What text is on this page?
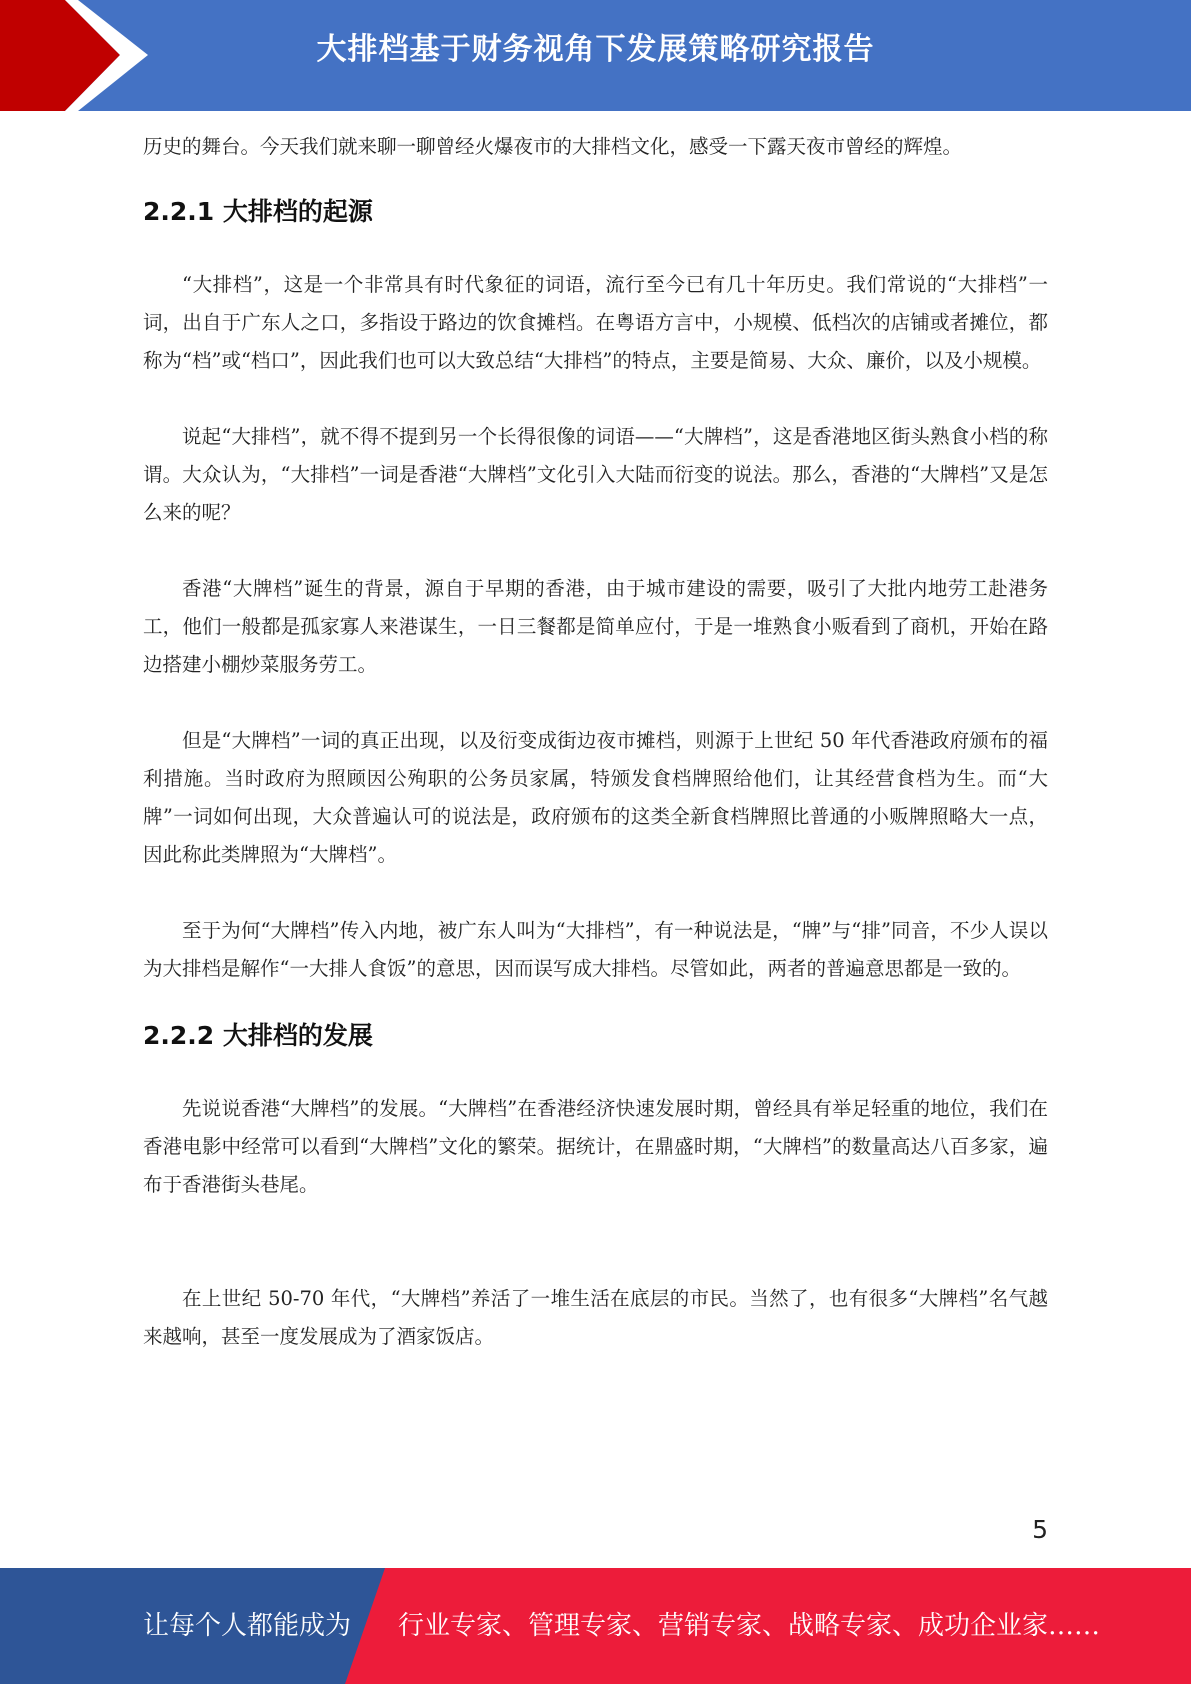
大排档基于财务视角下发展策略研究报告

历史的舞台。今天我们就来聊一聊曾经火爆夜市的大排档文化，感受一下露天夜市曾经的辉煌。

2.2.1 大排档的起源

“大排档”，这是一个非常具有时代象征的词语，流行至今已有几十年历史。我们常说的“大排档”一词，出自于广东人之口，多指设于路边的饮食摊档。在粤语方言中，小规模、低档次的店铺或者摊位，都称为“档”或“档口”，因此我们也可以大致总结“大排档”的特点，主要是简易、大众、廉价，以及小规模。

说起“大排档”，就不得不提到另一个长得很像的词语——“大牌档”，这是香港地区街头熟食小档的称谓。大众认为，“大排档”一词是香港“大牌档”文化引入大陆而衍变的说法。那么，香港的“大牌档”又是怎么来的呢？

香港“大牌档”诞生的背景，源自于早期的香港，由于城市建设的需要，吸引了大批内地劳工赴港务工，他们一般都是孤家寡人来港谋生，一日三餐都是简单应付，于是一堆熟食小贩看到了商机，开始在路边搭建小棚炒菜服务劳工。

但是“大牌档”一词的真正出现，以及衍变成街边夜市摊档，则源于上世纪 50 年代香港政府颁布的福利措施。当时政府为照顾因公殉职的公务员家属，特颁发食档牌照给他们，让其经营食档为生。而“大牌”一词如何出现，大众普遍认可的说法是，政府颁布的这类全新食档牌照比普通的小贩牌照略大一点，因此称此类牌照为“大牌档”。

至于为何“大牌档”传入内地，被广东人叫为“大排档”，有一种说法是，“牌”与“排”同音，不少人误以为大排档是解作“一大排人食饭”的意思，因而误写成大排档。尽管如此，两者的普遍意思都是一致的。

2.2.2 大排档的发展

先说说香港“大牌档”的发展。“大牌档”在香港经济快速发展时期，曾经具有举足轻重的地位，我们在香港电影中经常可以看到“大牌档”文化的繁荣。据统计，在鼎盛时期，“大牌档”的数量高达八百多家，遍布于香港街头巷尾。

在上世纪 50-70 年代，“大牌档”养活了一堆生活在底层的市民。当然了，也有很多“大牌档”名气越来越响，甚至一度发展成为了酒家饭店。

5
让每个人都能成为 行业专家、管理专家、营销专家、战略专家、成功企业家……
